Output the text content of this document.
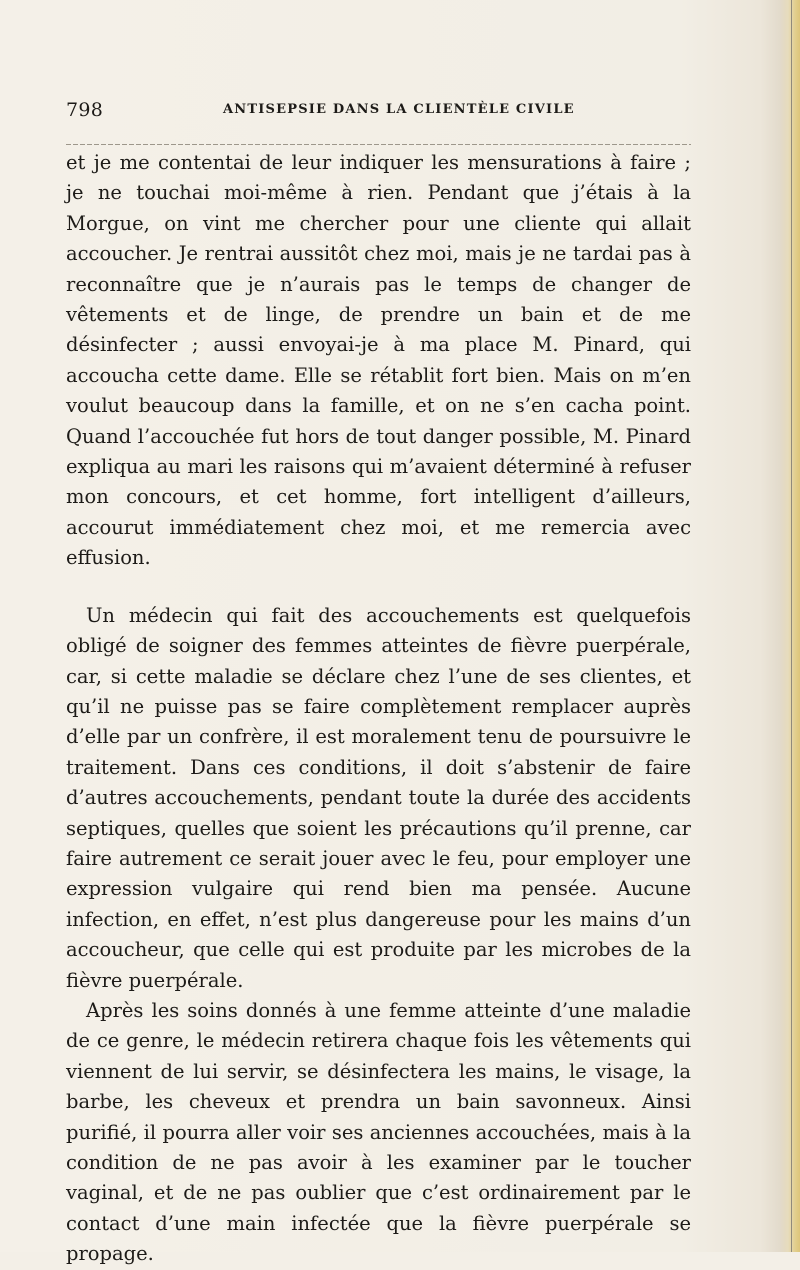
798	ANTISEPSIE DANS LA CLIENTÈLE CIVILE

et je me contentai de leur indiquer les mensurations à faire ; je ne touchai moi-même à rien. Pendant que j’étais à la Morgue, on vint me chercher pour une cliente qui allait accoucher. Je rentrai aussitôt chez moi, mais je ne tardai pas à reconnaître que je n’aurais pas le temps de changer de vêtements et de linge, de prendre un bain et de me désinfecter ; aussi envoyai-je à ma place M. Pinard, qui accoucha cette dame. Elle se rétablit fort bien. Mais on m’en voulut beaucoup dans la famille, et on ne s’en cacha point. Quand l’accouchée fut hors de tout danger possible, M. Pinard expliqua au mari les raisons qui m’avaient déterminé à refuser mon concours, et cet homme, fort intelligent d’ailleurs, accourut immédiatement chez moi, et me remercia avec effusion.

Un médecin qui fait des accouchements est quelquefois obligé de soigner des femmes atteintes de fièvre puerpérale, car, si cette maladie se déclare chez l’une de ses clientes, et qu’il ne puisse pas se faire complètement remplacer auprès d’elle par un confrère, il est moralement tenu de poursuivre le traitement. Dans ces conditions, il doit s’abstenir de faire d’autres accouchements, pendant toute la durée des accidents septiques, quelles que soient les précautions qu’il prenne, car faire autrement ce serait jouer avec le feu, pour employer une expression vulgaire qui rend bien ma pensée. Aucune infection, en effet, n’est plus dangereuse pour les mains d’un accoucheur, que celle qui est produite par les microbes de la fièvre puerpérale.

Après les soins donnés à une femme atteinte d’une maladie de ce genre, le médecin retirera chaque fois les vêtements qui viennent de lui servir, se désinfectera les mains, le visage, la barbe, les cheveux et prendra un bain savonneux. Ainsi purifié, il pourra aller voir ses anciennes accouchées, mais à la condition de ne pas avoir à les examiner par le toucher vaginal, et de ne pas oublier que c’est ordinairement par le contact d’une main infectée que la fièvre puerpérale se propage.
